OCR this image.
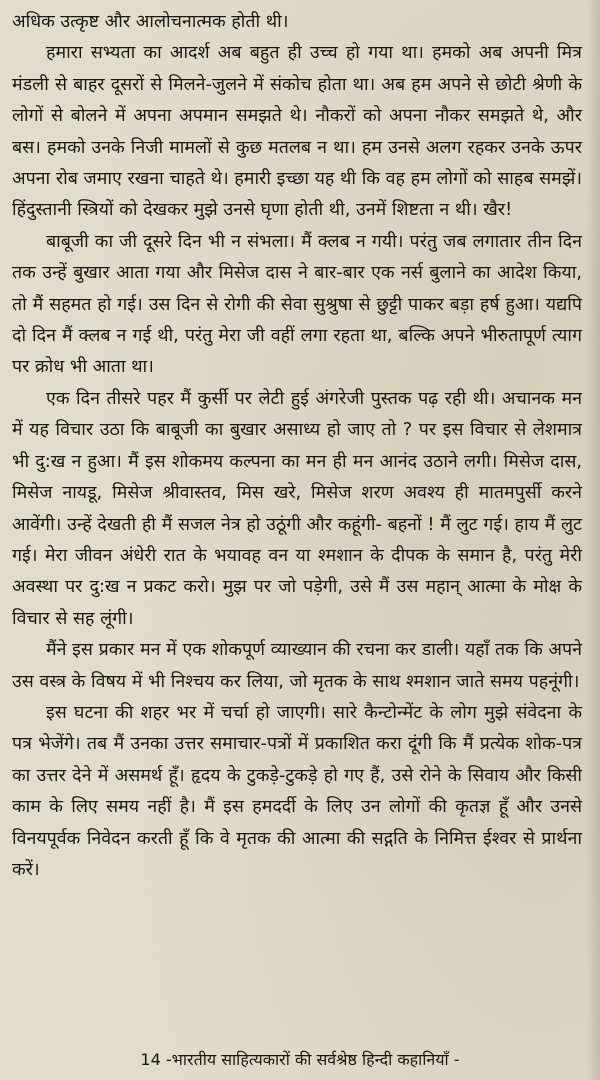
अधिक उत्कृष्ट और आलोचनात्मक होती थी।

हमारा सभ्यता का आदर्श अब बहुत ही उच्च हो गया था। हमको अब अपनी मित्र मंडली से बाहर दूसरों से मिलने-जुलने में संकोच होता था। अब हम अपने से छोटी श्रेणी के लोगों से बोलने में अपना अपमान समझते थे। नौकरों को अपना नौकर समझते थे, और बस। हमको उनके निजी मामलों से कुछ मतलब न था। हम उनसे अलग रहकर उनके ऊपर अपना रोब जमाए रखना चाहते थे। हमारी इच्छा यह थी कि वह हम लोगों को साहब समझें। हिंदुस्तानी स्त्रियों को देखकर मुझे उनसे घृणा होती थी, उनमें शिष्टता न थी। खैर!

बाबूजी का जी दूसरे दिन भी न संभला। मैं क्लब न गयी। परंतु जब लगातार तीन दिन तक उन्हें बुखार आता गया और मिसेज दास ने बार-बार एक नर्स बुलाने का आदेश किया, तो मैं सहमत हो गई। उस दिन से रोगी की सेवा सुश्रुषा से छुट्टी पाकर बड़ा हर्ष हुआ। यद्यपि दो दिन मैं क्लब न गई थी, परंतु मेरा जी वहीं लगा रहता था, बल्कि अपने भीरुतापूर्ण त्याग पर क्रोध भी आता था।

एक दिन तीसरे पहर मैं कुर्सी पर लेटी हुई अंगरेजी पुस्तक पढ़ रही थी। अचानक मन में यह विचार उठा कि बाबूजी का बुखार असाध्य हो जाए तो ? पर इस विचार से लेशमात्र भी दु:ख न हुआ। मैं इस शोकमय कल्पना का मन ही मन आनंद उठाने लगी। मिसेज दास, मिसेज नायडू, मिसेज श्रीवास्तव, मिस खरे, मिसेज शरण अवश्य ही मातमपुर्सी करने आवेंगी। उन्हें देखती ही मैं सजल नेत्र हो उठूंगी और कहूंगी- बहनों ! मैं लुट गई। हाय मैं लुट गई। मेरा जीवन अंधेरी रात के भयावह वन या श्मशान के दीपक के समान है, परंतु मेरी अवस्था पर दु:ख न प्रकट करो। मुझ पर जो पड़ेगी, उसे मैं उस महान् आत्मा के मोक्ष के विचार से सह लूंगी।

मैंने इस प्रकार मन में एक शोकपूर्ण व्याख्यान की रचना कर डाली। यहाँ तक कि अपने उस वस्त्र के विषय में भी निश्चय कर लिया, जो मृतक के साथ श्मशान जाते समय पहनूंगी।

इस घटना की शहर भर में चर्चा हो जाएगी। सारे कैन्टोन्मेंट के लोग मुझे संवेदना के पत्र भेजेंगे। तब मैं उनका उत्तर समाचार-पत्रों में प्रकाशित करा दूंगी कि मैं प्रत्येक शोक-पत्र का उत्तर देने में असमर्थ हूँ। हृदय के टुकड़े-टुकड़े हो गए हैं, उसे रोने के सिवाय और किसी काम के लिए समय नहीं है। मैं इस हमदर्दी के लिए उन लोगों की कृतज्ञ हूँ और उनसे विनयपूर्वक निवेदन करती हूँ कि वे मृतक की आत्मा की सद्गति के निमित्त ईश्वर से प्रार्थना करें।

14 -भारतीय साहित्यकारों की सर्वश्रेष्ठ हिन्दी कहानियाँ -
